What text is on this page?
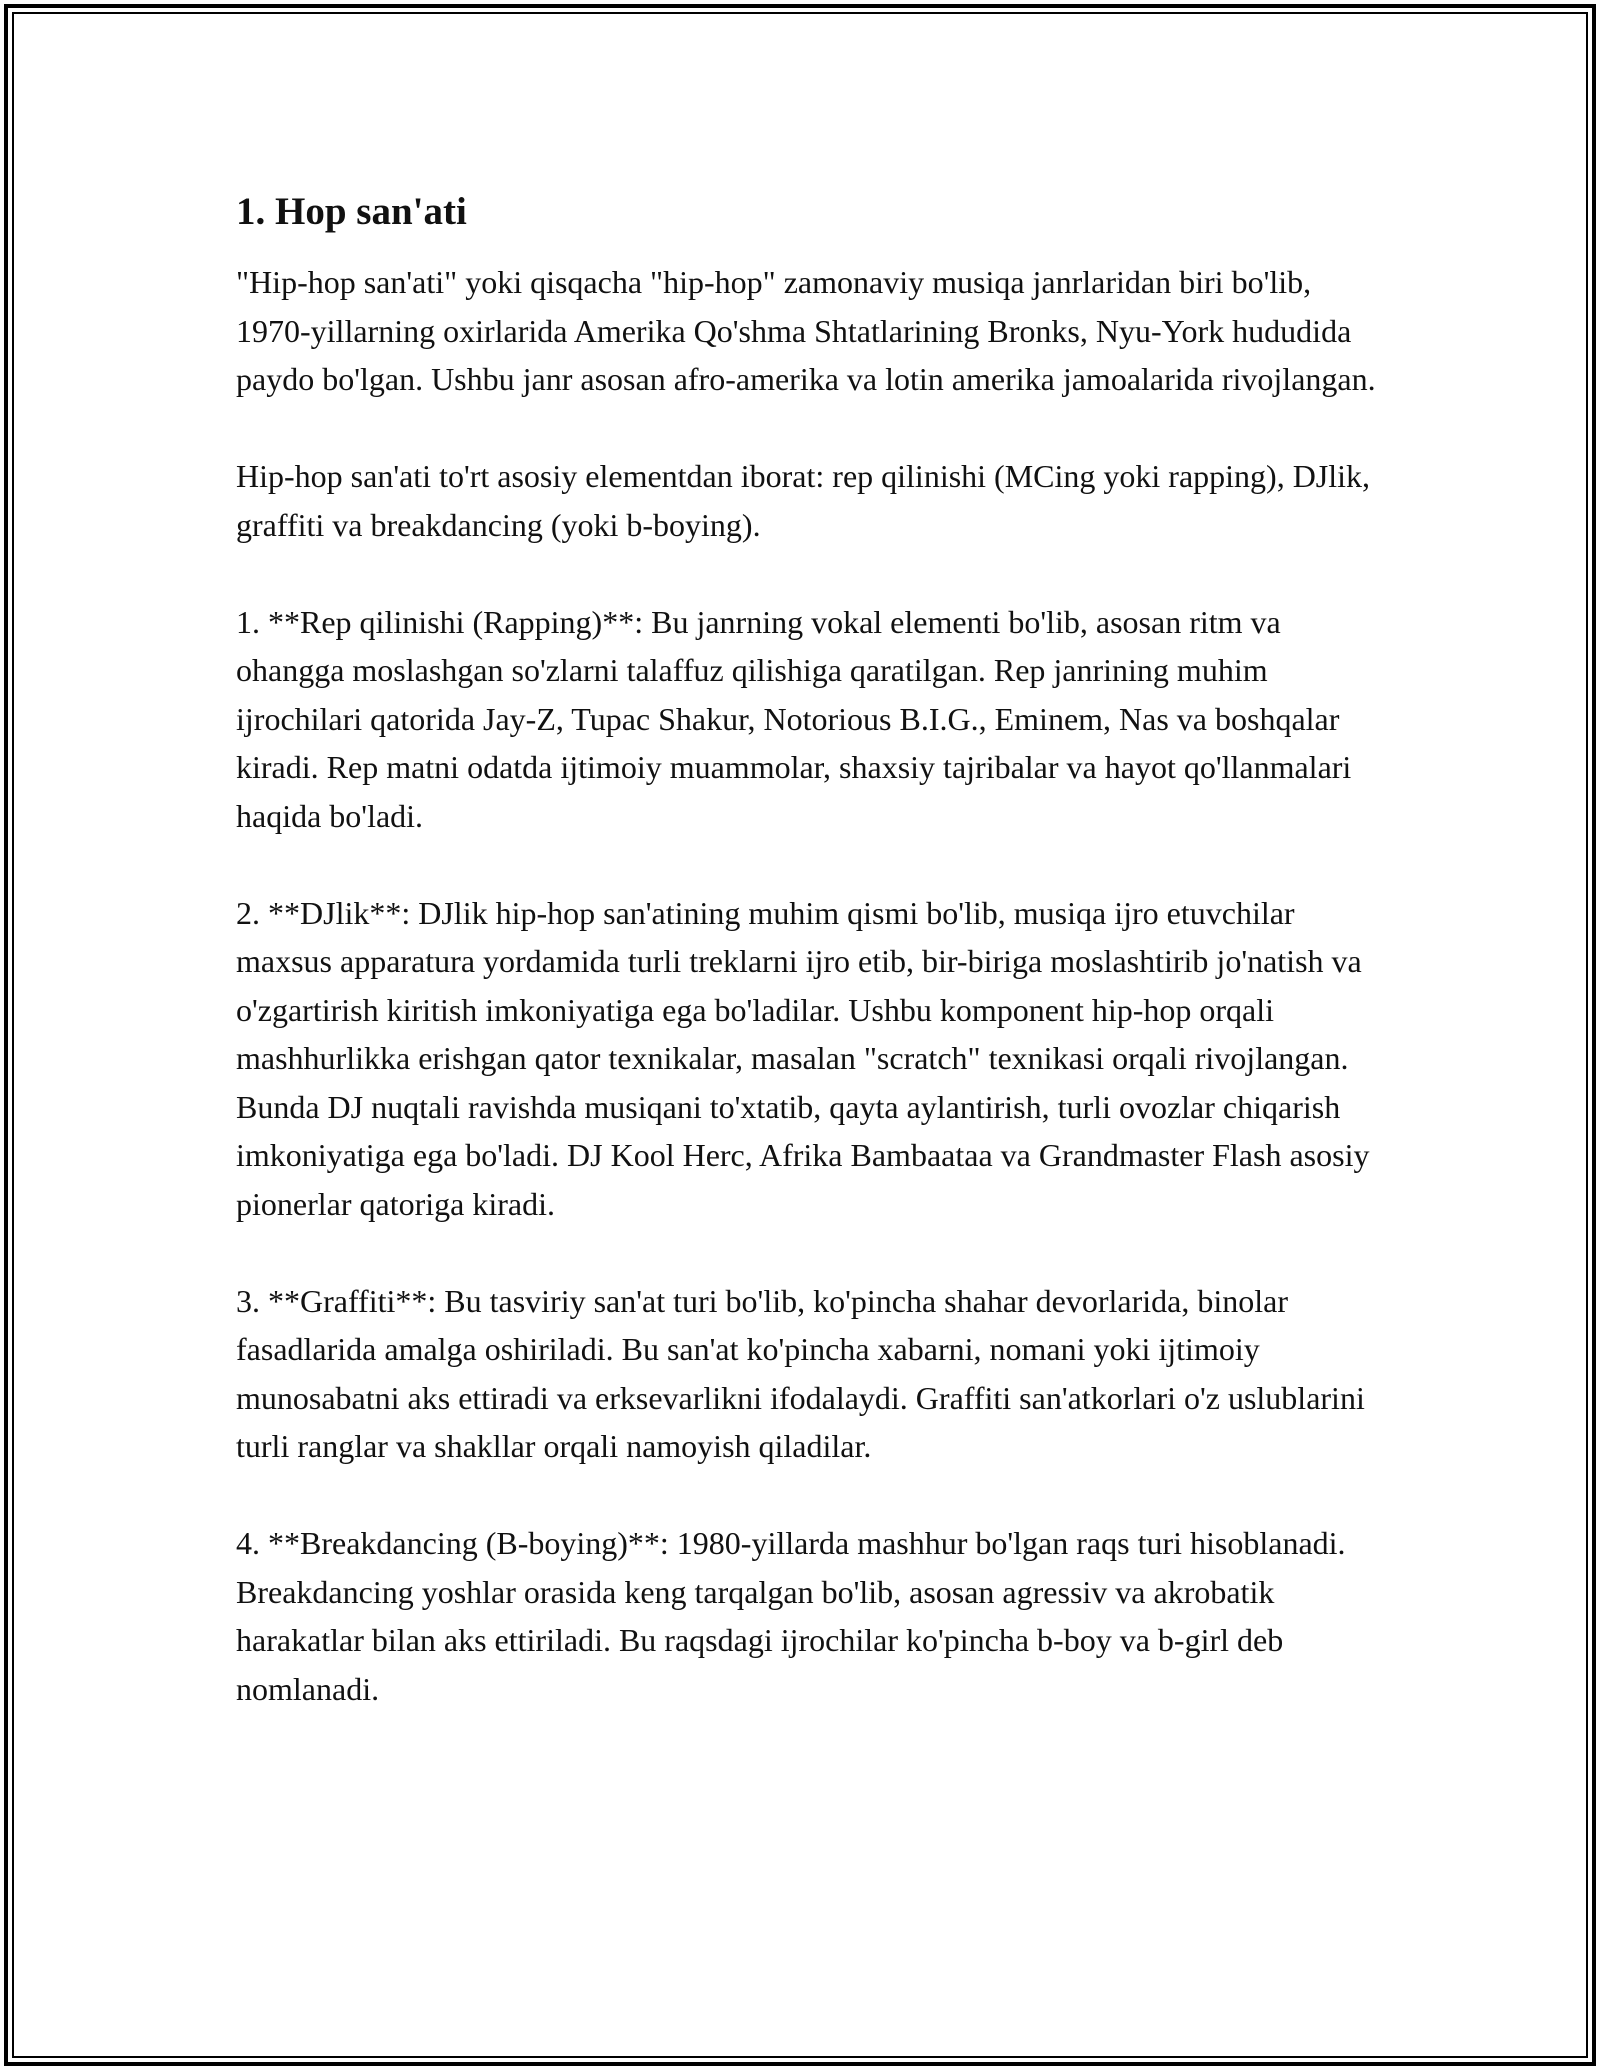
1. Hop san'ati

"Hip-hop san'ati" yoki qisqacha "hip-hop" zamonaviy musiqa janrlaridan biri bo'lib, 1970-yillarning oxirlarida Amerika Qo'shma Shtatlarining Bronks, Nyu-York hududida paydo bo'lgan. Ushbu janr asosan afro-amerika va lotin amerika jamoalarida rivojlangan.

Hip-hop san'ati to'rt asosiy elementdan iborat: rep qilinishi (MCing yoki rapping), DJlik, graffiti va breakdancing (yoki b-boying).

1. **Rep qilinishi (Rapping)**: Bu janrning vokal elementi bo'lib, asosan ritm va ohangga moslashgan so'zlarni talaffuz qilishiga qaratilgan. Rep janrining muhim ijrochilari qatorida Jay-Z, Tupac Shakur, Notorious B.I.G., Eminem, Nas va boshqalar kiradi. Rep matni odatda ijtimoiy muammolar, shaxsiy tajribalar va hayot qo'llanmalari haqida bo'ladi.

2. **DJlik**: DJlik hip-hop san'atining muhim qismi bo'lib, musiqa ijro etuvchilar maxsus apparatura yordamida turli treklarni ijro etib, bir-biriga moslashtirib jo'natish va o'zgartirish kiritish imkoniyatiga ega bo'ladilar. Ushbu komponent hip-hop orqali mashhurlikka erishgan qator texnikalar, masalan "scratch" texnikasi orqali rivojlangan. Bunda DJ nuqtali ravishda musiqani to'xtatib, qayta aylantirish, turli ovozlar chiqarish imkoniyatiga ega bo'ladi. DJ Kool Herc, Afrika Bambaataa va Grandmaster Flash asosiy pionerlar qatoriga kiradi.

3. **Graffiti**: Bu tasviriy san'at turi bo'lib, ko'pincha shahar devorlarida, binolar fasadlarida amalga oshiriladi. Bu san'at ko'pincha xabarni, nomani yoki ijtimoiy munosabatni aks ettiradi va erksevarlikni ifodalaydi. Graffiti san'atkorlari o'z uslublarini turli ranglar va shakllar orqali namoyish qiladilar.

4. **Breakdancing (B-boying)**: 1980-yillarda mashhur bo'lgan raqs turi hisoblanadi. Breakdancing yoshlar orasida keng tarqalgan bo'lib, asosan agressiv va akrobatik harakatlar bilan aks ettiriladi. Bu raqsdagi ijrochilar ko'pincha b-boy va b-girl deb nomlanadi.
